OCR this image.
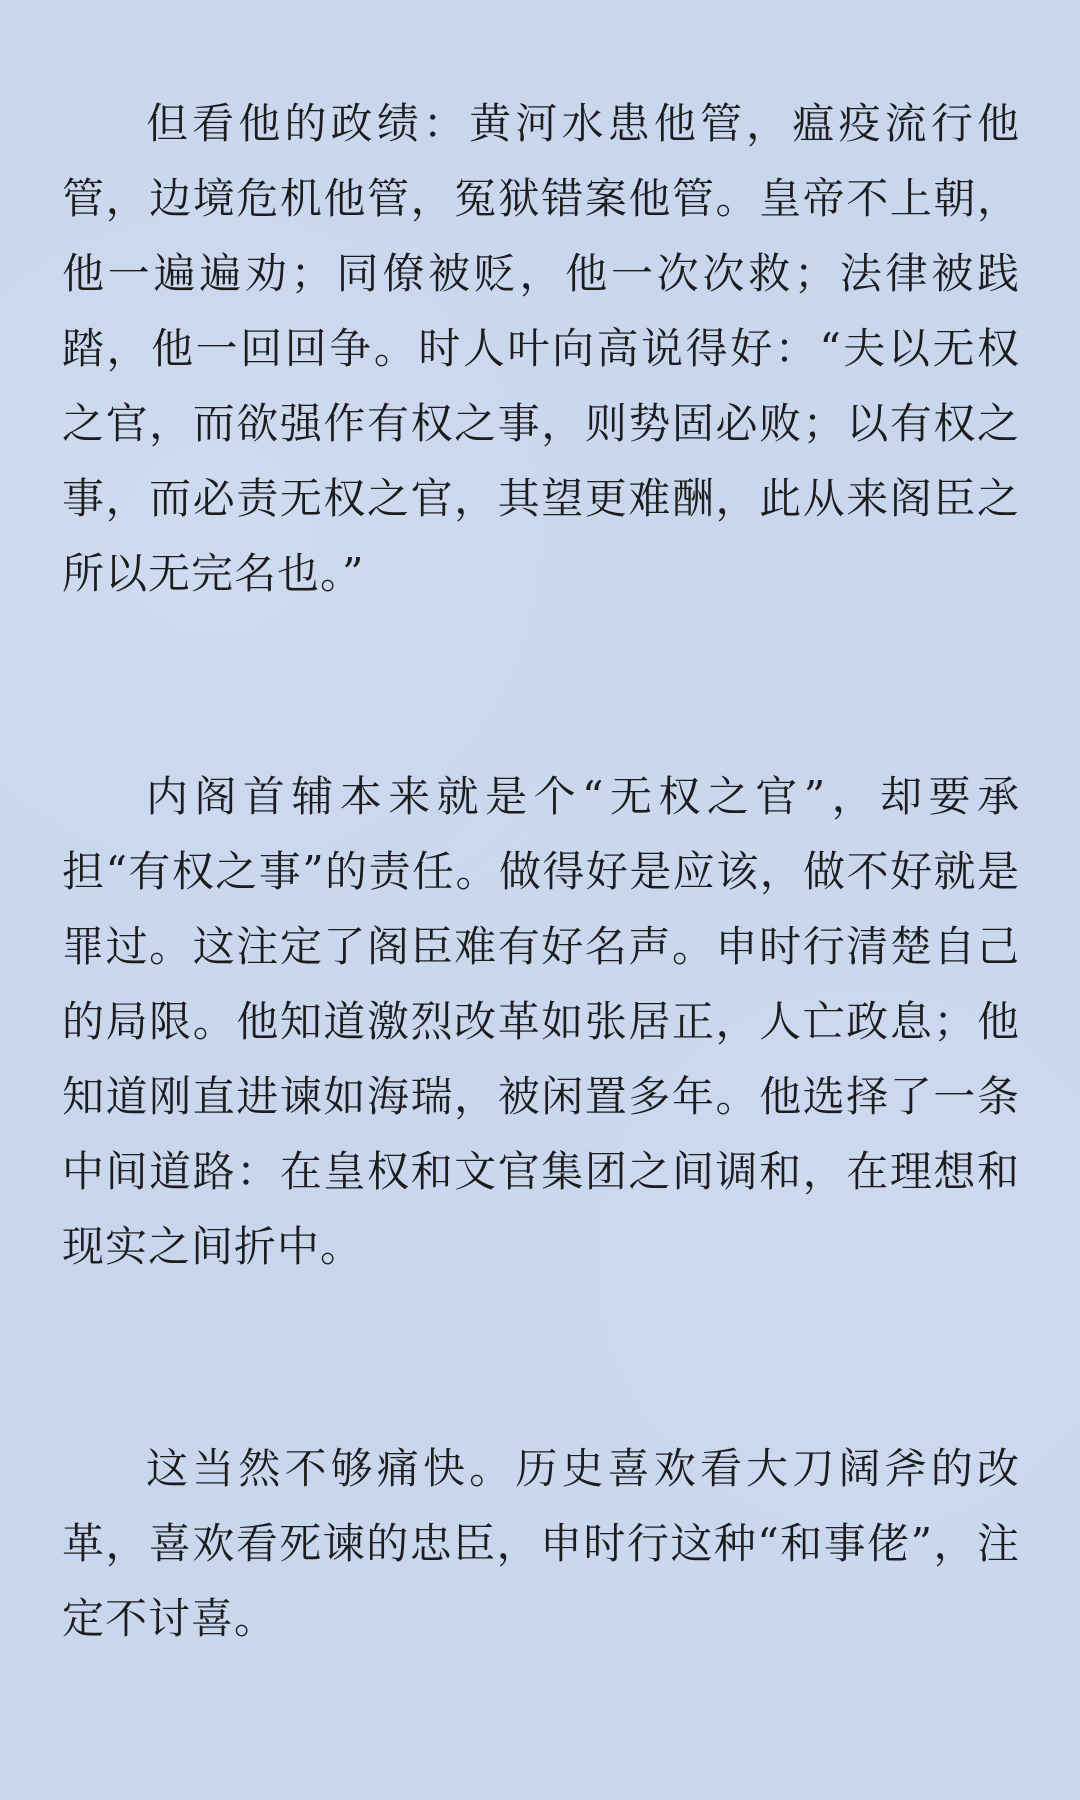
但看他的政绩：黄河水患他管，瘟疫流行他管，边境危机他管，冤狱错案他管。皇帝不上朝，他一遍遍劝；同僚被贬，他一次次救；法律被践踏，他一回回争。时人叶向高说得好：“夫以无权之官，而欲强作有权之事，则势固必败；以有权之事，而必责无权之官，其望更难酬，此从来阁臣之所以无完名也。”

内阁首辅本来就是个“无权之官”，却要承担“有权之事”的责任。做得好是应该，做不好就是罪过。这注定了阁臣难有好名声。申时行清楚自己的局限。他知道激烈改革如张居正，人亡政息；他知道刚直进谏如海瑞，被闲置多年。他选择了一条中间道路：在皇权和文官集团之间调和，在理想和现实之间折中。

这当然不够痛快。历史喜欢看大刀阔斧的改革，喜欢看死谏的忠臣，申时行这种“和事佬”，注定不讨喜。
